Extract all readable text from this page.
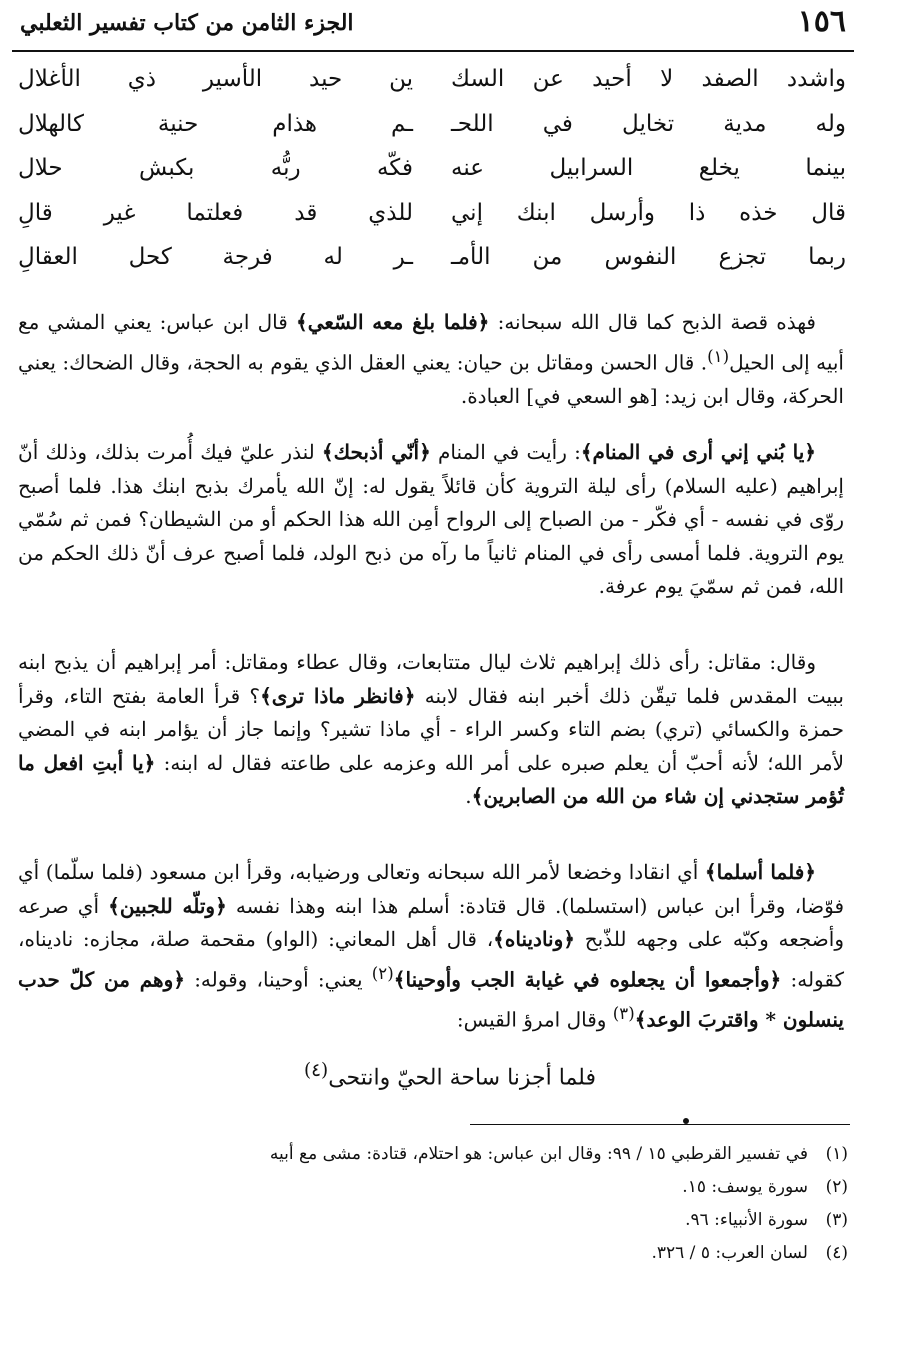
١٥٦
الجزء الثامن من كتاب تفسير الثعلبي
واشدد الصفد لا أحيد عن السك
ين حيد الأسير ذي الأغلال
وله مدية تخايل في اللحـ
ـم هذام حنية كالهلال
بينما يخلع السرابيل عنه
فكّه ربُّه بكبش حلال
قال خذه ذا وأرسل ابنك إني
للذي قد فعلتما غير قالِ
ربما تجزع النفوس من الأمـ
ـر له فرجة كحل العقالِ
فهذه قصة الذبح كما قال الله سبحانه: ﴿فلما بلغ معه السّعي﴾ قال ابن عباس: يعني المشي مع أبيه إلى الحيل$^{(١)}$. قال الحسن ومقاتل بن حيان: يعني العقل الذي يقوم به الحجة، وقال الضحاك: يعني الحركة، وقال ابن زيد: [هو السعي في] العبادة.
﴿يا بُني إني أرى في المنام﴾: رأيت في المنام ﴿أنّي أذبحك﴾ لنذر عليّ فيك أُمرت بذلك، وذلك أنّ إبراهيم (عليه السلام) رأى ليلة التروية كأن قائلاً يقول له: إنّ الله يأمرك بذبح ابنك هذا. فلما أصبح روّى في نفسه - أي فكّر - من الصباح إلى الرواح أمِن الله هذا الحكم أو من الشيطان؟ فمن ثم سُمّي يوم التروية. فلما أمسى رأى في المنام ثانياً ما رآه من ذبح الولد، فلما أصبح عرف أنّ ذلك الحكم من الله، فمن ثم سمّيَ يوم عرفة.
وقال: مقاتل: رأى ذلك إبراهيم ثلاث ليال متتابعات، وقال عطاء ومقاتل: أمر إبراهيم أن يذبح ابنه ببيت المقدس فلما تيقّن ذلك أخبر ابنه فقال لابنه ﴿فانظر ماذا ترى﴾؟ قرأ العامة بفتح التاء، وقرأ حمزة والكسائي (تري) بضم التاء وكسر الراء - أي ماذا تشير؟ وإنما جاز أن يؤامر ابنه في المضي لأمر الله؛ لأنه أحبّ أن يعلم صبره على أمر الله وعزمه على طاعته فقال له ابنه: ﴿يا أبتِ افعل ما تُؤمر ستجدني إن شاء من الله من الصابرين﴾.
﴿فلما أسلما﴾ أي انقادا وخضعا لأمر الله سبحانه وتعالى ورضيابه، وقرأ ابن مسعود (فلما سلّما) أي فوّضا، وقرأ ابن عباس (استسلما). قال قتادة: أسلم هذا ابنه وهذا نفسه ﴿وتلّه للجبين﴾ أي صرعه وأضجعه وكبّه على وجهه للذّبح ﴿وناديناه﴾، قال أهل المعاني: (الواو) مقحمة صلة، مجازه: ناديناه، كقوله: ﴿وأجمعوا أن يجعلوه في غيابة الجب وأوحينا﴾$^{(٢)}$ يعني: أوحينا، وقوله: ﴿وهم من كلّ حدب ينسلون * واقتربَ الوعد﴾$^{(٣)}$ وقال امرؤ القيس:
فلما أجزنا ساحة الحيّ وانتحى$^{(٤)}$
(١)في تفسير القرطبي ١٥ / ٩٩: وقال ابن عباس: هو احتلام، قتادة: مشى مع أبيه
(٢)سورة يوسف: ١٥.
(٣)سورة الأنبياء: ٩٦.
(٤)لسان العرب: ٥ / ٣٢٦.
